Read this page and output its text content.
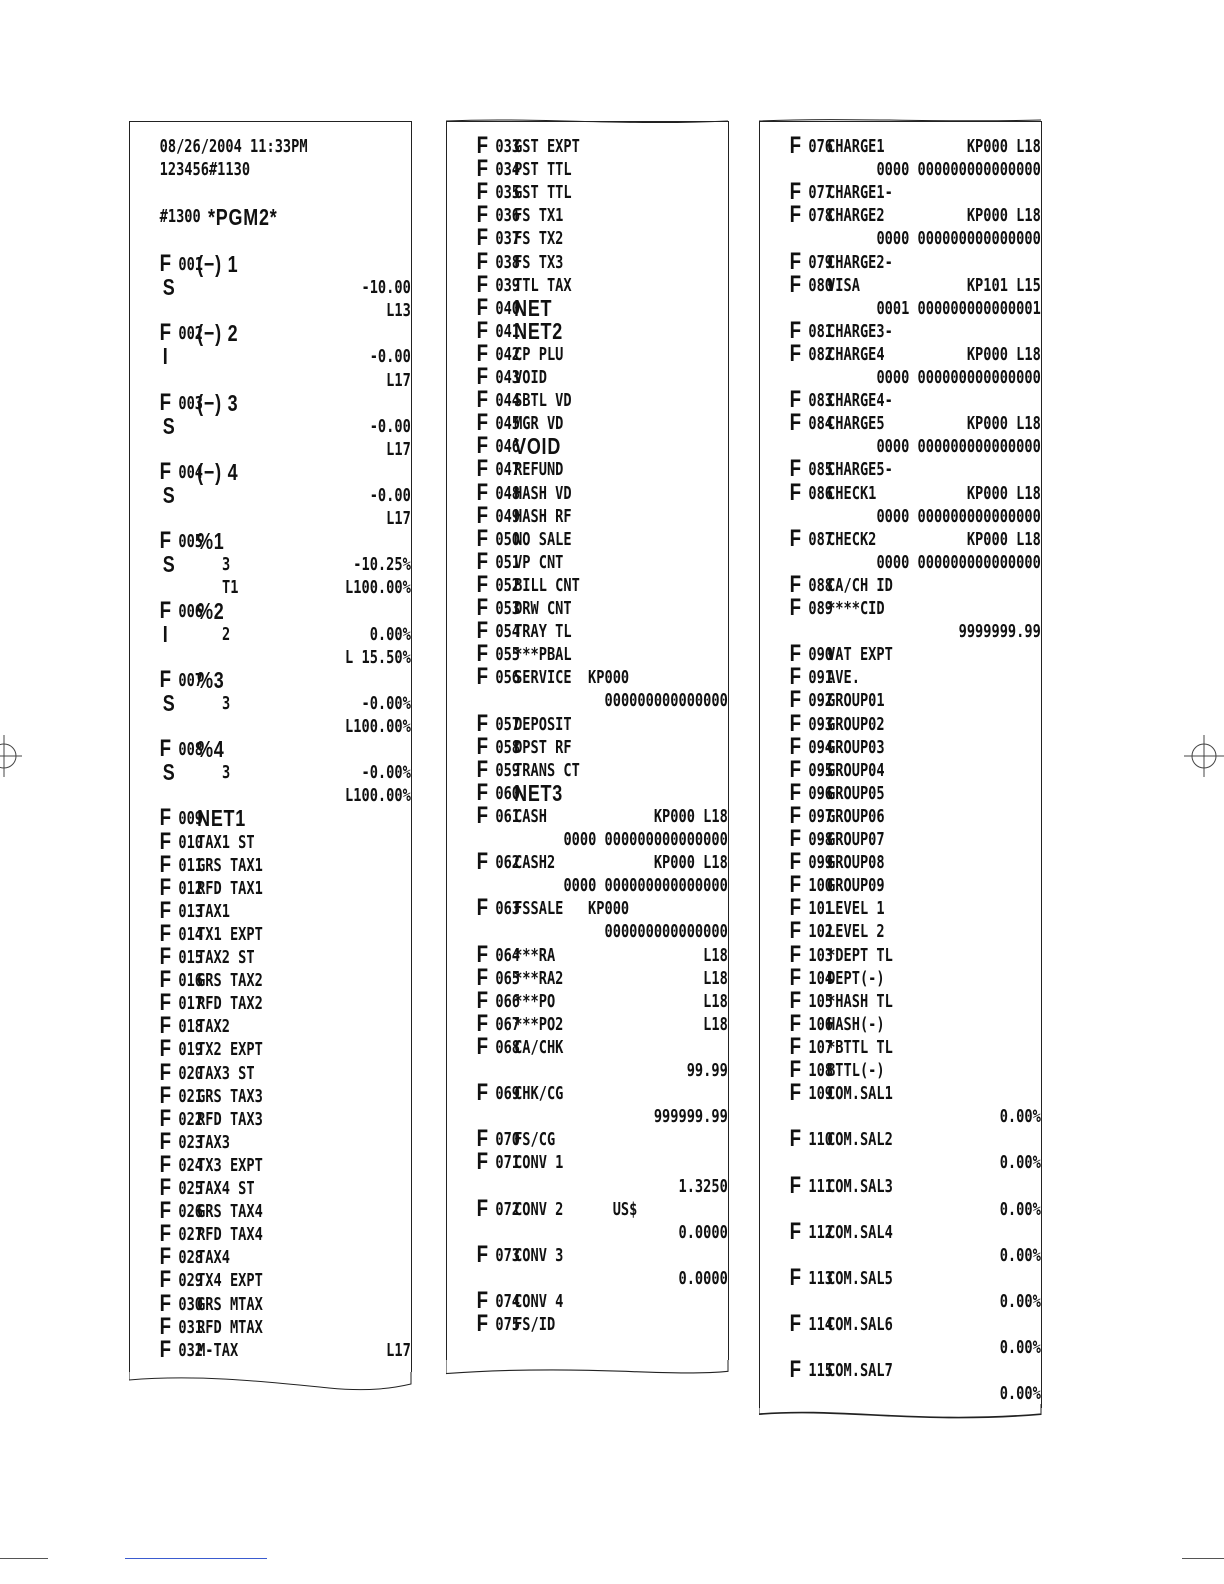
08/26/2004 11:33PM
123456#1130

#1300

*PGM2*

F 001
(−) 1
S	-10.00
L13
F 002
(−) 2
I	-0.00
L17
F 003
(−) 3
S	-0.00
L17
F 004
(−) 4
S	-0.00
L17
F 005
%1
S	3	-10.25%
T1	L100.00%
F 006
%2
I	2	0.00%
L 15.50%
F 007
%3
S	3	-0.00%
L100.00%
F 008
%4
S	3	-0.00%
L100.00%
F 009
NET1
F 010
TAX1 ST
F 011
GRS TAX1
F 012
RFD TAX1
F 013
TAX1
F 014
TX1 EXPT
F 015
TAX2 ST
F 016
GRS TAX2
F 017
RFD TAX2
F 018
TAX2
F 019
TX2 EXPT
F 020
TAX3 ST
F 021
GRS TAX3
F 022
RFD TAX3
F 023
TAX3
F 024
TX3 EXPT
F 025
TAX4 ST
F 026
GRS TAX4
F 027
RFD TAX4
F 028
TAX4
F 029
TX4 EXPT
F 030
GRS MTAX
F 031
RFD MTAX
F 032
M-TAX	L17
F 033
GST EXPT
F 034
PST TTL
F 035
GST TTL
F 036
FS TX1
F 037
FS TX2
F 038
FS TX3
F 039
TTL TAX
F 040
NET
F 041
NET2
F 042
CP PLU
F 043
VOID
F 044
SBTL VD
F 045
MGR VD
F 046
VOID
F 047
REFUND
F 048
HASH VD
F 049
HASH RF
F 050
NO SALE
F 051
VP CNT
F 052
BILL CNT
F 053
DRW CNT
F 054
TRAY TL
F 055
***PBAL
F 056
SERVICE  KP000
000000000000000
F 057
DEPOSIT
F 058
DPST RF
F 059
TRANS CT
F 060
NET3
F 061
CASH	KP000 L18
0000 000000000000000
F 062
CASH2	KP000 L18
0000 000000000000000
F 063
FSSALE   KP000
000000000000000
F 064
***RA	L18
F 065
***RA2	L18
F 066
***PO	L18
F 067
***PO2	L18
F 068
CA/CHK
99.99
F 069
CHK/CG
999999.99
F 070
FS/CG
F 071
CONV 1
1.3250
F 072
CONV 2      US$
0.0000
F 073
CONV 3
0.0000
F 074
CONV 4
F 075
FS/ID
F 076
CHARGE1	KP000 L18
0000 000000000000000
F 077
CHARGE1-
F 078
CHARGE2	KP000 L18
0000 000000000000000
F 079
CHARGE2-
F 080
VISA	KP101 L15
0001 000000000000001
F 081
CHARGE3-
F 082
CHARGE4	KP000 L18
0000 000000000000000
F 083
CHARGE4-
F 084
CHARGE5	KP000 L18
0000 000000000000000
F 085
CHARGE5-
F 086
CHECK1	KP000 L18
0000 000000000000000
F 087
CHECK2	KP000 L18
0000 000000000000000
F 088
CA/CH ID
F 089
****CID
9999999.99
F 090
VAT EXPT
F 091
AVE.
F 092
GROUP01
F 093
GROUP02
F 094
GROUP03
F 095
GROUP04
F 096
GROUP05
F 097
GROUP06
F 098
GROUP07
F 099
GROUP08
F 100
GROUP09
F 101
LEVEL 1
F 102
LEVEL 2
F 103
*DEPT TL
F 104
DEPT(-)
F 105
*HASH TL
F 106
HASH(-)
F 107
*BTTL TL
F 108
BTTL(-)
F 109
COM.SAL1
0.00%
F 110
COM.SAL2
0.00%
F 111
COM.SAL3
0.00%
F 112
COM.SAL4
0.00%
F 113
COM.SAL5
0.00%
F 114
COM.SAL6
0.00%
F 115
COM.SAL7
0.00%
